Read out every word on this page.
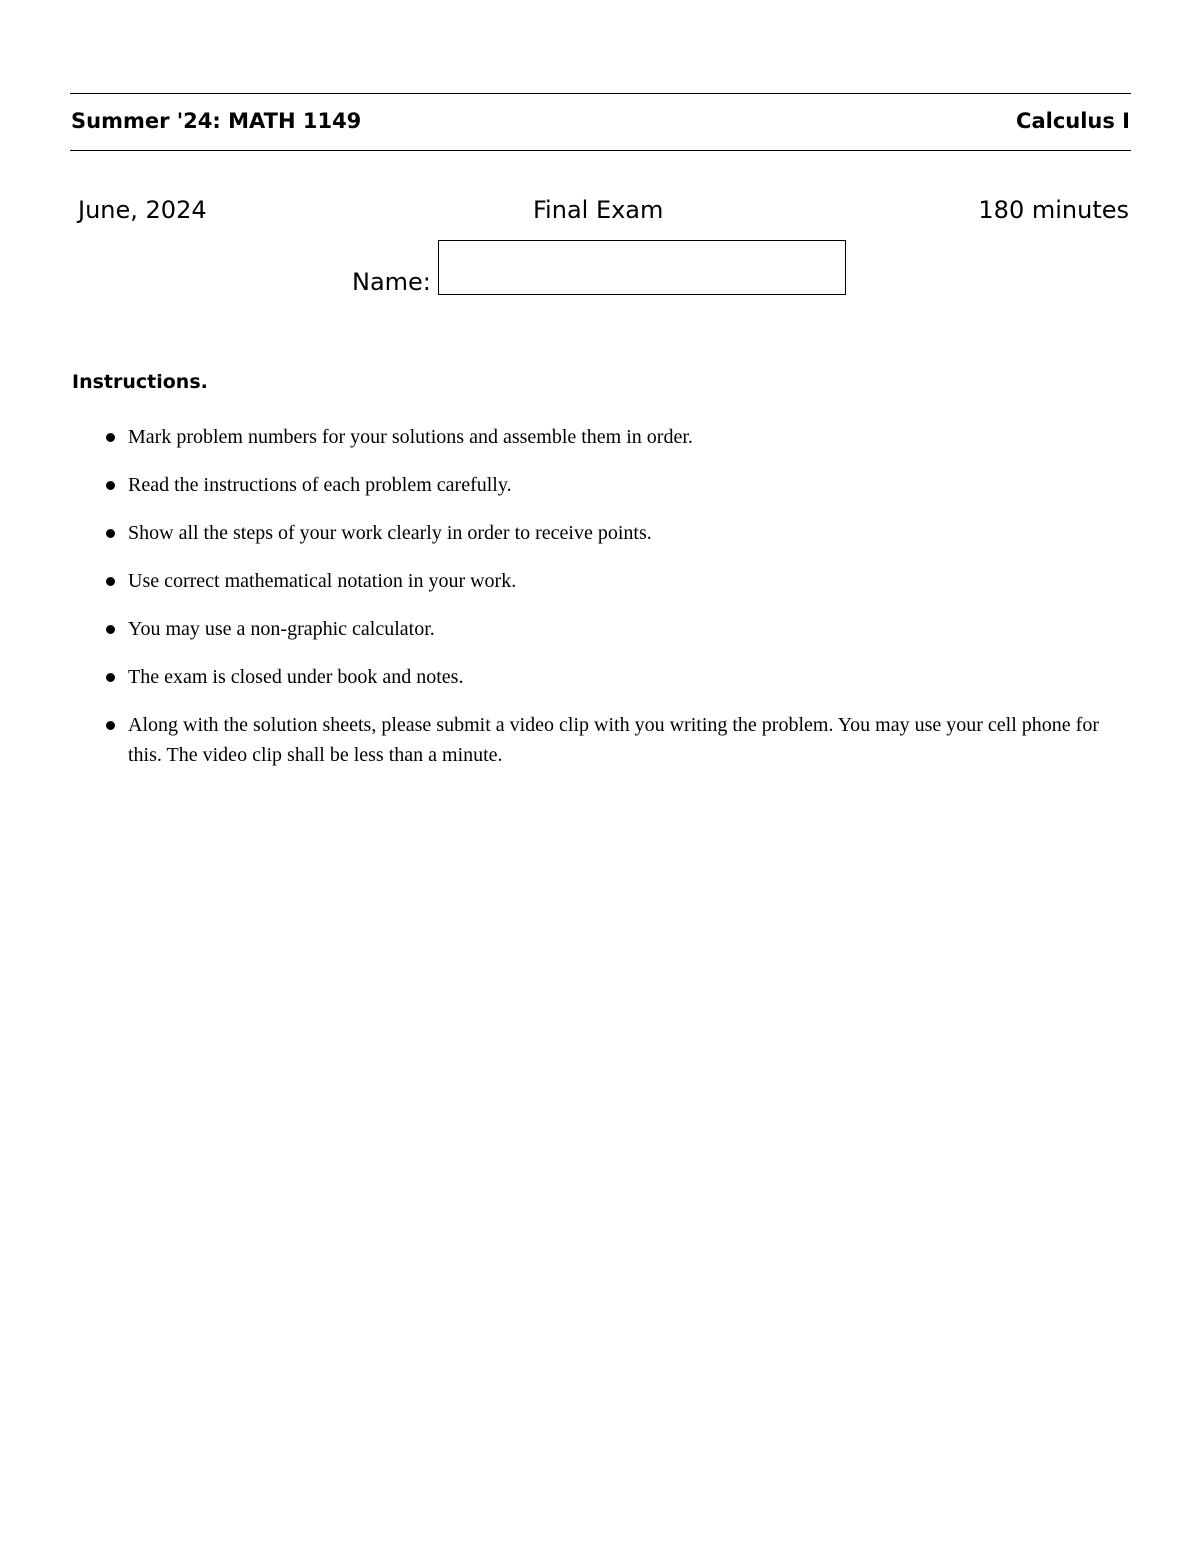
Summer '24: MATH 1149	Calculus I
June, 2024	Final Exam	180 minutes
Name:
Instructions.
Mark problem numbers for your solutions and assemble them in order.
Read the instructions of each problem carefully.
Show all the steps of your work clearly in order to receive points.
Use correct mathematical notation in your work.
You may use a non-graphic calculator.
The exam is closed under book and notes.
Along with the solution sheets, please submit a video clip with you writing the problem. You may use your cell phone for this. The video clip shall be less than a minute.
